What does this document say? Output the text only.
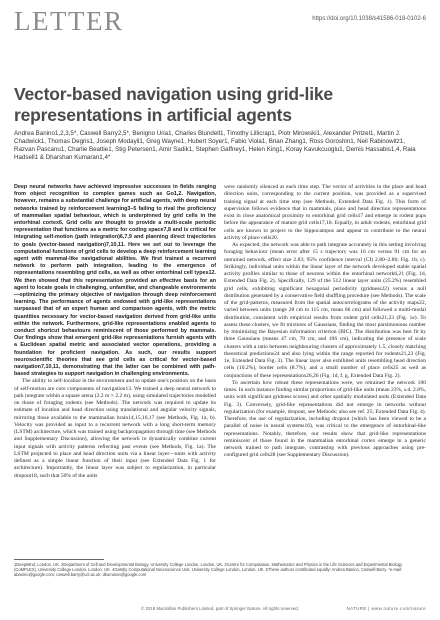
LETTER	https://doi.org/10.1038/s41586-018-0102-6
Vector-based navigation using grid-like representations in artificial agents
Andrea Banino1,2,3,5*, Caswell Barry2,5*, Benigno Uria1, Charles Blundell1, Timothy Lillicrap1, Piotr Mirowski1, Alexander Pritzel1, Martin J. Chadwick1, Thomas Degris1, Joseph Modayil1, Greg Wayne1, Hubert Soyer1, Fabio Viola1, Brian Zhang1, Ross Goroshin1, Neil Rabinowitz1, Razvan Pascanu1, Charlie Beattie1, Stig Petersen1, Amir Sadik1, Stephen Gaffney1, Helen King1, Koray Kavukcuoglu1, Demis Hassabis1,4, Raia Hadsell1 & Dharshan Kumaran1,4*

Deep neural networks have achieved impressive successes in fields ranging from object recognition to complex games such as Go1,2. Navigation, however, remains a substantial challenge for artificial agents, with deep neural networks trained by reinforcement learning3–5 failing to rival the proficiency of mammalian spatial behaviour, which is underpinned by grid cells in the entorhinal cortex6. Grid cells are thought to provide a multi-scale periodic representation that functions as a metric for coding space7,8 and is critical for integrating self-motion (path integration)6,7,9 and planning direct trajectories to goals (vector-based navigation)7,10,11. Here we set out to leverage the computational functions of grid cells to develop a deep reinforcement learning agent with mammal-like navigational abilities. We first trained a recurrent network to perform path integration, leading to the emergence of representations resembling grid cells, as well as other entorhinal cell types12. We then showed that this representation provided an effective basis for an agent to locate goals in challenging, unfamiliar, and changeable environments—optimizing the primary objective of navigation through deep reinforcement learning. The performance of agents endowed with grid-like representations surpassed that of an expert human and comparison agents, with the metric quantities necessary for vector-based navigation derived from grid-like units within the network. Furthermore, grid-like representations enabled agents to conduct shortcut behaviours reminiscent of those performed by mammals. Our findings show that emergent grid-like representations furnish agents with a Euclidean spatial metric and associated vector operations, providing a foundation for proficient navigation. As such, our results support neuroscientific theories that see grid cells as critical for vector-based navigation7,10,11, demonstrating that the latter can be combined with path-based strategies to support navigation in challenging environments.

The ability to self-localize in the environment and to update one's position on the basis of self-motion are core components of navigation13. We trained a deep neural network to path integrate within a square arena (2.2 m × 2.2 m), using simulated trajectories modelled on those of foraging rodents (see Methods). The network was required to update its estimate of location and head direction using translational and angular velocity signals, mirroring those available to the mammalian brain14,15,16,17 (see Methods, Fig. 1a, b). Velocity was provided as input to a recurrent network with a long short-term memory (LSTM) architecture, which was trained using backpropagation through time (see Methods and Supplementary Discussion), allowing the network to dynamically combine current input signals with activity patterns reflecting past events (see Methods, Fig. 1a). The LSTM projected to place and head direction units via a linear layer—units with activity defined as a simple linear function of their input (see Extended Data Fig. 1 for architecture). Importantly, the linear layer was subject to regularization, in particular dropout18, such that 50% of the units

were randomly silenced at each time step. The vector of activities in the place and head direction units, corresponding to the current position, was provided as a supervised training signal at each time step (see Methods, Extended Data Fig. 1). This form of supervision follows evidence that in mammals, place and head direction representations exist in close anatomical proximity to entorhinal grid cells17 and emerge in rodent pups before the appearance of mature grid cells17,18. Equally, in adult rodents, entorhinal grid cells are known to project to the hippocampus and appear to contribute to the neural activity of place cells20.

As expected, the network was able to path integrate accurately in this setting involving foraging behaviour (mean error after 15 s trajectory was 16 cm versus 91 cm for an untrained network, effect size 2.83; 95% confidence interval (CI) 2.80–2.86; Fig. 1b, c). Strikingly, individual units within the linear layer of the network developed stable spatial activity profiles similar to those of neurons within the entorhinal network6,21 (Fig. 1d, Extended Data Fig. 2). Specifically, 129 of the 512 linear layer units (25.2%) resembled grid cells, exhibiting significant hexagonal periodicity (gridness22) versus a null distribution generated by a conservative field shuffling procedure (see Methods). The scale of the grid-patterns, measured from the spatial autocorrelograms of the activity maps22, varied between units (range 28 cm to 115 cm, mean 66 cm) and followed a multi-modal distribution, consistent with empirical results from rodent grid cells21,23 (Fig. 1e). To assess these clusters, we fit mixtures of Gaussians, finding the most parsimonious number by minimizing the Bayesian information criterion (BIC). The distribution was best fit by three Gaussians (means 47 cm, 70 cm, and 106 cm), indicating the presence of scale clusters with a ratio between neighbouring clusters of approximately 1.5, closely matching theoretical predictions24 and also lying within the range reported for rodents21,23 (Fig. 1e, Extended Data Fig. 3). The linear layer also exhibited units resembling head direction cells (10.2%), border cells (8.7%), and a small number of place cells25 as well as conjunctions of these representations26,26 (Fig. 1d, f, g, Extended Data Fig. 2).

To ascertain how robust these representations were, we retrained the network 100 times. In each instance finding similar proportions of grid-like units (mean 23%, s.d. 2.8%, units with significant gridness scores) and other spatially modulated units (Extended Data Fig. 3). Conversely, grid-like representations did not emerge in networks without regularization (for example, dropout, see Methods; also see ref. 25; Extended Data Fig. 4). Therefore, the use of regularization, including dropout (which has been viewed to be a parallel of noise in neural systems16), was critical to the emergence of entorhinal-like representations. Notably, therefore, our results show that grid-like representations reminiscent of those found in the mammalian entorhinal cortex emerge in a generic network trained to path integrate, contrasting with previous approaches using pre-configured grid cells28 (see Supplementary Discussion).

1DeepMind, London, UK. 2Department of Cell and Developmental Biology, University College London, London, UK. 3Centre for Computation, Mathematics and Physics in the Life Sciences and Experimental Biology (CoMPLEX), University College London, London, UK. 4Gatsby Computational Neuroscience Unit, University College London, London, UK. 5These authors contributed equally: Andrea Banino, Caswell Barry. *e-mail: abanino@google.com; caswell.barry@ucl.ac.uk; dkumaran@google.com
© 2018 Macmillan Publishers Limited, part of Springer Nature. All rights reserved.	NATURE | www.nature.com/nature
